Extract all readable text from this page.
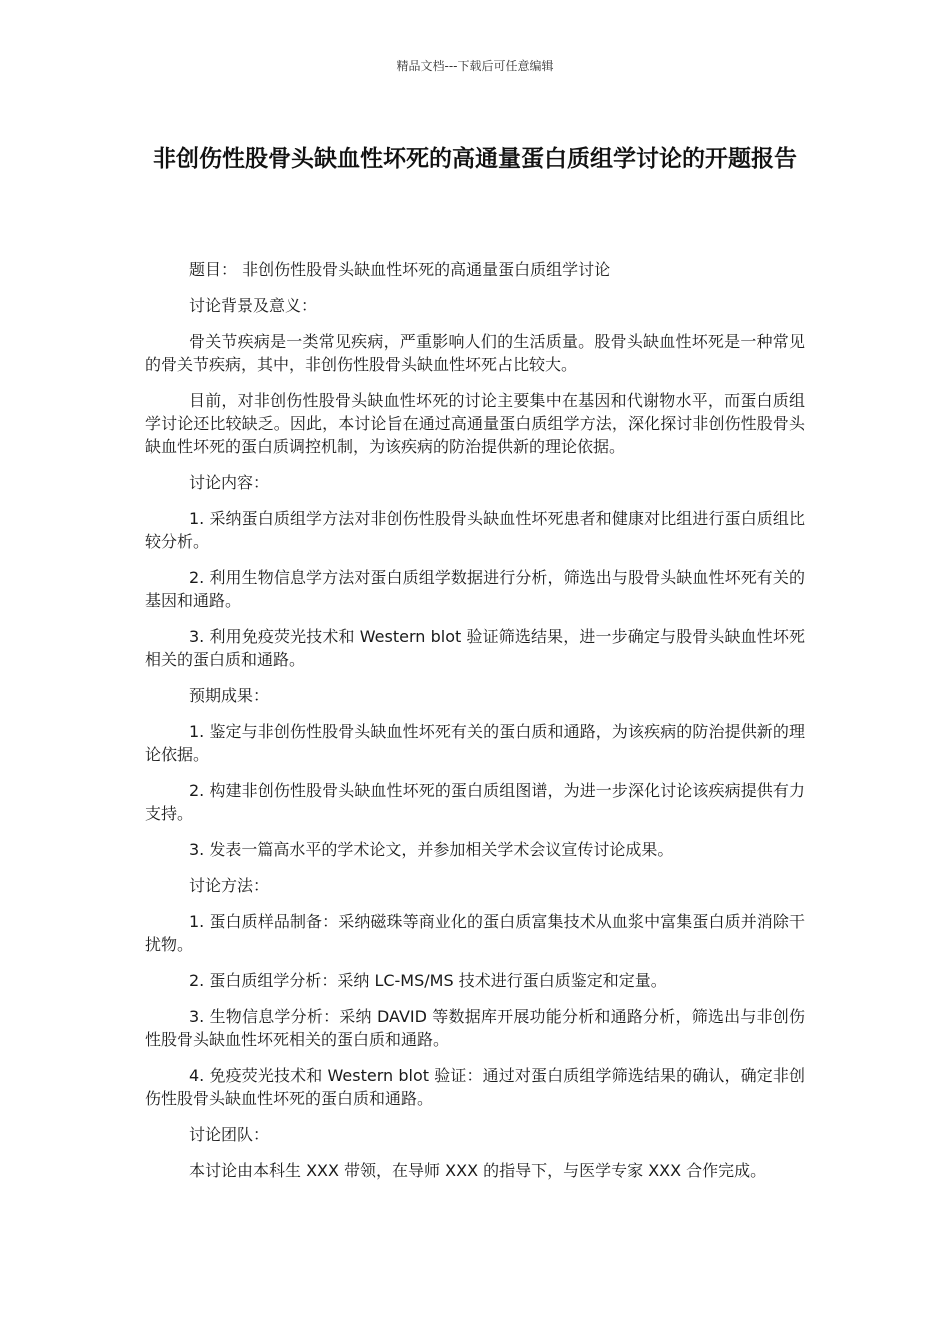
精品文档---下载后可任意编辑
非创伤性股骨头缺血性坏死的高通量蛋白质组学讨论的开题报告

题目： 非创伤性股骨头缺血性坏死的高通量蛋白质组学讨论

讨论背景及意义：

骨关节疾病是一类常见疾病，严重影响人们的生活质量。股骨头缺血性坏死是一种常见的骨关节疾病，其中，非创伤性股骨头缺血性坏死占比较大。

目前，对非创伤性股骨头缺血性坏死的讨论主要集中在基因和代谢物水平，而蛋白质组学讨论还比较缺乏。因此，本讨论旨在通过高通量蛋白质组学方法，深化探讨非创伤性股骨头缺血性坏死的蛋白质调控机制，为该疾病的防治提供新的理论依据。

讨论内容：

1. 采纳蛋白质组学方法对非创伤性股骨头缺血性坏死患者和健康对比组进行蛋白质组比较分析。

2. 利用生物信息学方法对蛋白质组学数据进行分析，筛选出与股骨头缺血性坏死有关的基因和通路。

3. 利用免疫荧光技术和 Western blot 验证筛选结果，进一步确定与股骨头缺血性坏死相关的蛋白质和通路。

预期成果：

1. 鉴定与非创伤性股骨头缺血性坏死有关的蛋白质和通路，为该疾病的防治提供新的理论依据。

2. 构建非创伤性股骨头缺血性坏死的蛋白质组图谱，为进一步深化讨论该疾病提供有力支持。

3. 发表一篇高水平的学术论文，并参加相关学术会议宣传讨论成果。

讨论方法：

1. 蛋白质样品制备：采纳磁珠等商业化的蛋白质富集技术从血浆中富集蛋白质并消除干扰物。

2. 蛋白质组学分析：采纳 LC-MS/MS 技术进行蛋白质鉴定和定量。

3. 生物信息学分析：采纳 DAVID 等数据库开展功能分析和通路分析，筛选出与非创伤性股骨头缺血性坏死相关的蛋白质和通路。

4. 免疫荧光技术和 Western blot 验证：通过对蛋白质组学筛选结果的确认，确定非创伤性股骨头缺血性坏死的蛋白质和通路。

讨论团队：

本讨论由本科生 XXX 带领，在导师 XXX 的指导下，与医学专家 XXX 合作完成。
